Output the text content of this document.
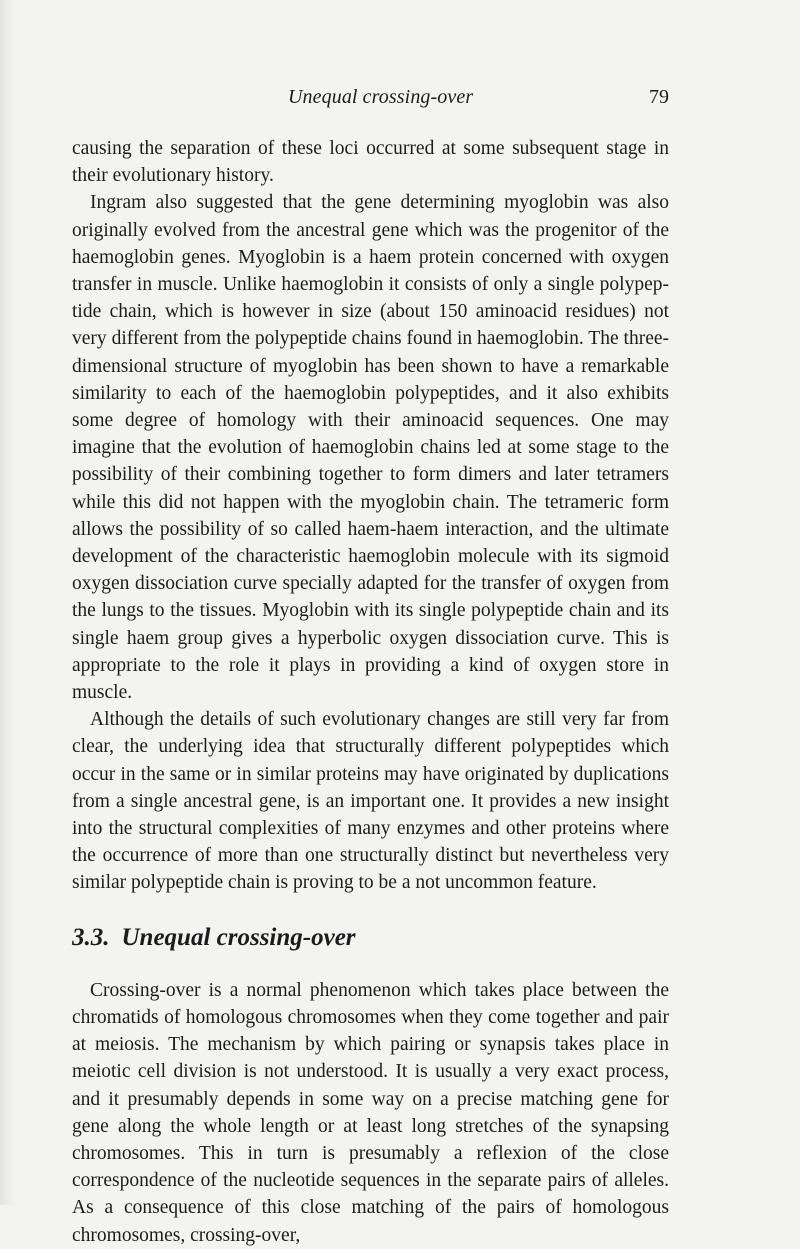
Unequal crossing-over	79

causing the separation of these loci occurred at some subsequent stage in their evolutionary history.

Ingram also suggested that the gene determining myoglobin was also originally evolved from the ancestral gene which was the progenitor of the haemoglobin genes. Myoglobin is a haem protein concerned with oxygen transfer in muscle. Unlike haemoglobin it consists of only a single polypeptide chain, which is however in size (about 150 aminoacid residues) not very different from the polypeptide chains found in haemoglobin. The three-dimensional structure of myoglobin has been shown to have a remarkable similarity to each of the haemoglobin polypeptides, and it also exhibits some degree of homology with their aminoacid sequences. One may imagine that the evolution of haemoglobin chains led at some stage to the possibility of their combining together to form dimers and later tetramers while this did not happen with the myoglobin chain. The tetrameric form allows the possibility of so called haem-haem interaction, and the ultimate development of the characteristic haemoglobin molecule with its sigmoid oxygen dissociation curve specially adapted for the transfer of oxygen from the lungs to the tissues. Myoglobin with its single polypeptide chain and its single haem group gives a hyperbolic oxygen dissociation curve. This is appropriate to the role it plays in providing a kind of oxygen store in muscle.

Although the details of such evolutionary changes are still very far from clear, the underlying idea that structurally different polypeptides which occur in the same or in similar proteins may have originated by duplications from a single ancestral gene, is an important one. It provides a new insight into the structural complexities of many enzymes and other proteins where the occurrence of more than one structurally distinct but nevertheless very similar polypeptide chain is proving to be a not uncommon feature.

3.3. Unequal crossing-over

Crossing-over is a normal phenomenon which takes place between the chromatids of homologous chromosomes when they come together and pair at meiosis. The mechanism by which pairing or synapsis takes place in meiotic cell division is not understood. It is usually a very exact process, and it presumably depends in some way on a precise matching gene for gene along the whole length or at least long stretches of the synapsing chromosomes. This in turn is presumably a reflexion of the close correspondence of the nucleotide sequences in the separate pairs of alleles. As a consequence of this close matching of the pairs of homologous chromosomes, crossing-over,
